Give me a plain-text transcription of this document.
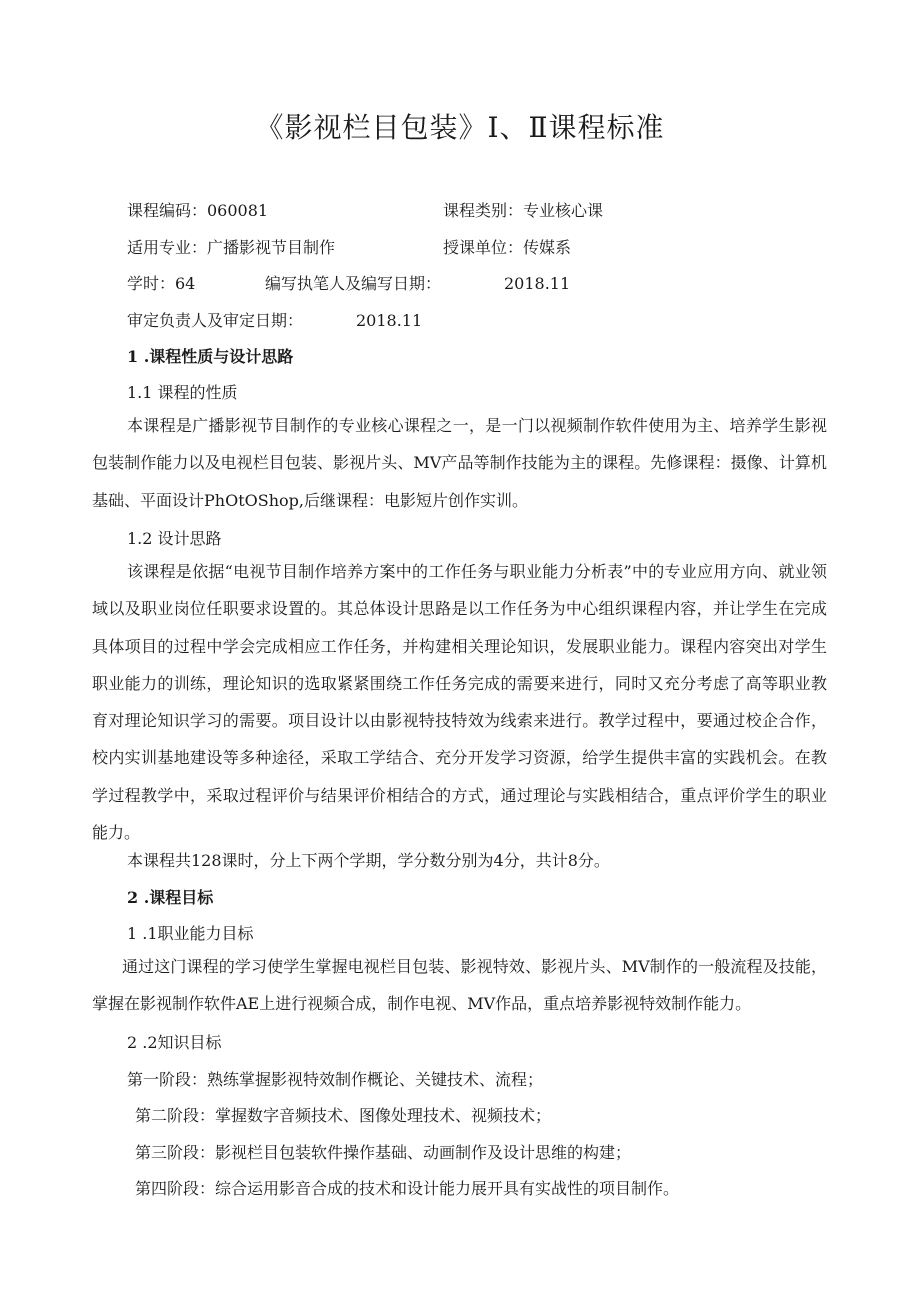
《影视栏目包装》Ⅰ、Ⅱ课程标准
课程编码：060081	课程类别：专业核心课
适用专业：广播影视节目制作	授课单位：传媒系
学时：64	编写执笔人及编写日期：	2018.11
审定负责人及审定日期：	2018.11
1 .课程性质与设计思路
1.1 课程的性质

本课程是广播影视节目制作的专业核心课程之一，是一门以视频制作软件使用为主、培养学生影视包装制作能力以及电视栏目包装、影视片头、MV产品等制作技能为主的课程。先修课程：摄像、计算机基础、平面设计PhOtOShop,后继课程：电影短片创作实训。

1.2 设计思路

该课程是依据“电视节目制作培养方案中的工作任务与职业能力分析表”中的专业应用方向、就业领域以及职业岗位任职要求设置的。其总体设计思路是以工作任务为中心组织课程内容，并让学生在完成具体项目的过程中学会完成相应工作任务，并构建相关理论知识，发展职业能力。课程内容突出对学生职业能力的训练，理论知识的选取紧紧围绕工作任务完成的需要来进行，同时又充分考虑了高等职业教育对理论知识学习的需要。项目设计以由影视特技特效为线索来进行。教学过程中，要通过校企合作，校内实训基地建设等多种途径，采取工学结合、充分开发学习资源，给学生提供丰富的实践机会。在教学过程教学中，采取过程评价与结果评价相结合的方式，通过理论与实践相结合，重点评价学生的职业能力。

本课程共128课时，分上下两个学期，学分数分别为4分，共计8分。
2 .课程目标
1 .1职业能力目标

通过这门课程的学习使学生掌握电视栏目包装、影视特效、影视片头、MV制作的一般流程及技能，掌握在影视制作软件AE上进行视频合成，制作电视、MV作品，重点培养影视特效制作能力。

2 .2知识目标
第一阶段：熟练掌握影视特效制作概论、关键技术、流程；
第二阶段：掌握数字音频技术、图像处理技术、视频技术；
第三阶段：影视栏目包装软件操作基础、动画制作及设计思维的构建；
第四阶段：综合运用影音合成的技术和设计能力展开具有实战性的项目制作。
